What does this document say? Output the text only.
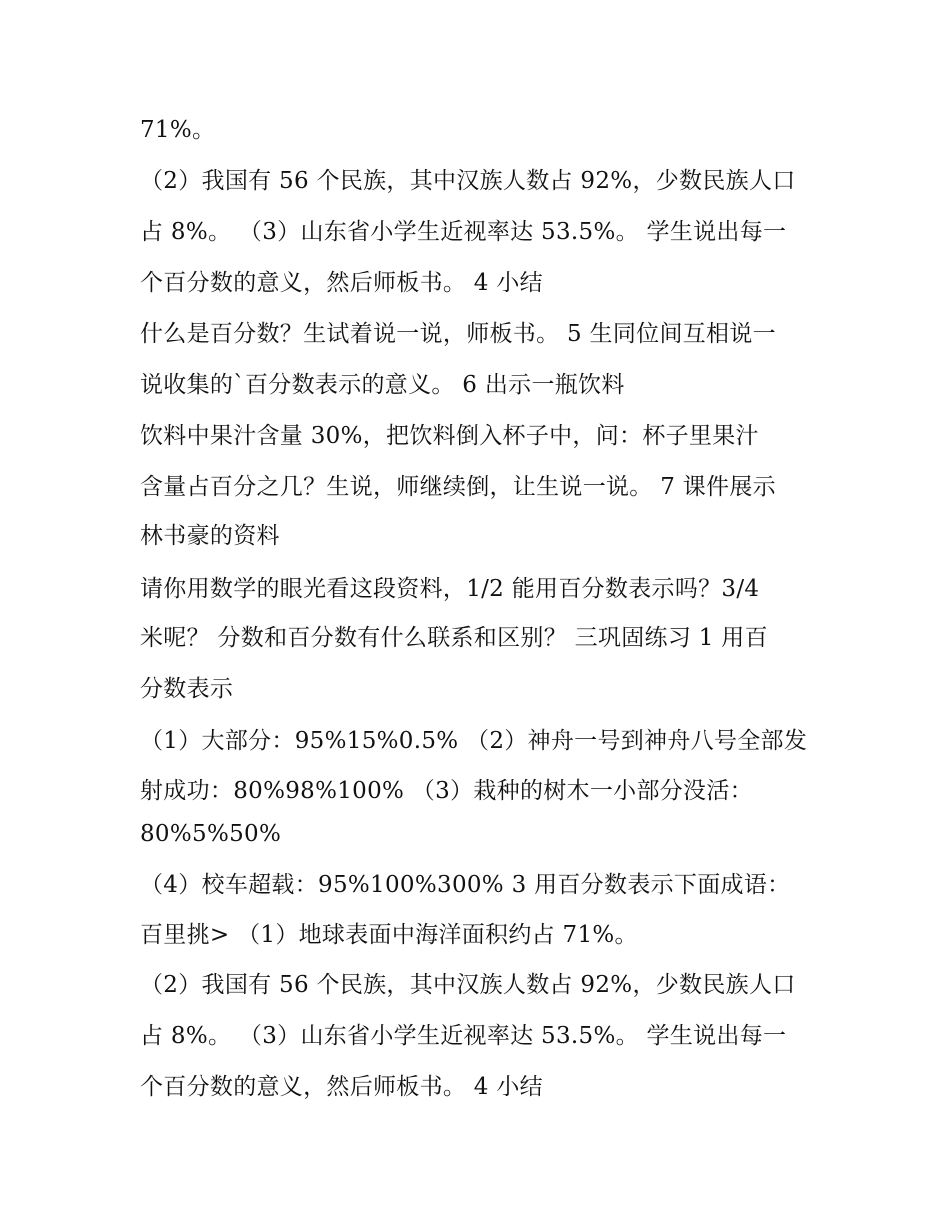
71%。
（2）我国有 56 个民族，其中汉族人数占 92%，少数民族人口
占 8%。 （3）山东省小学生近视率达 53.5%。 学生说出每一
个百分数的意义，然后师板书。 4 小结
什么是百分数？生试着说一说，师板书。 5 生同位间互相说一
说收集的`百分数表示的意义。 6 出示一瓶饮料
饮料中果汁含量 30%，把饮料倒入杯子中，问：杯子里果汁
含量占百分之几？生说，师继续倒，让生说一说。 7 课件展示
林书豪的资料
请你用数学的眼光看这段资料，1/2 能用百分数表示吗？3/4
米呢？ 分数和百分数有什么联系和区别？ 三巩固练习 1 用百
分数表示
（1）大部分：95%15%0.5% （2）神舟一号到神舟八号全部发
射成功：80%98%100% （3）栽种的树木一小部分没活：
80%5%50%
（4）校车超载：95%100%300% 3 用百分数表示下面成语：
百里挑> （1）地球表面中海洋面积约占 71%。
（2）我国有 56 个民族，其中汉族人数占 92%，少数民族人口
占 8%。 （3）山东省小学生近视率达 53.5%。 学生说出每一
个百分数的意义，然后师板书。 4 小结
